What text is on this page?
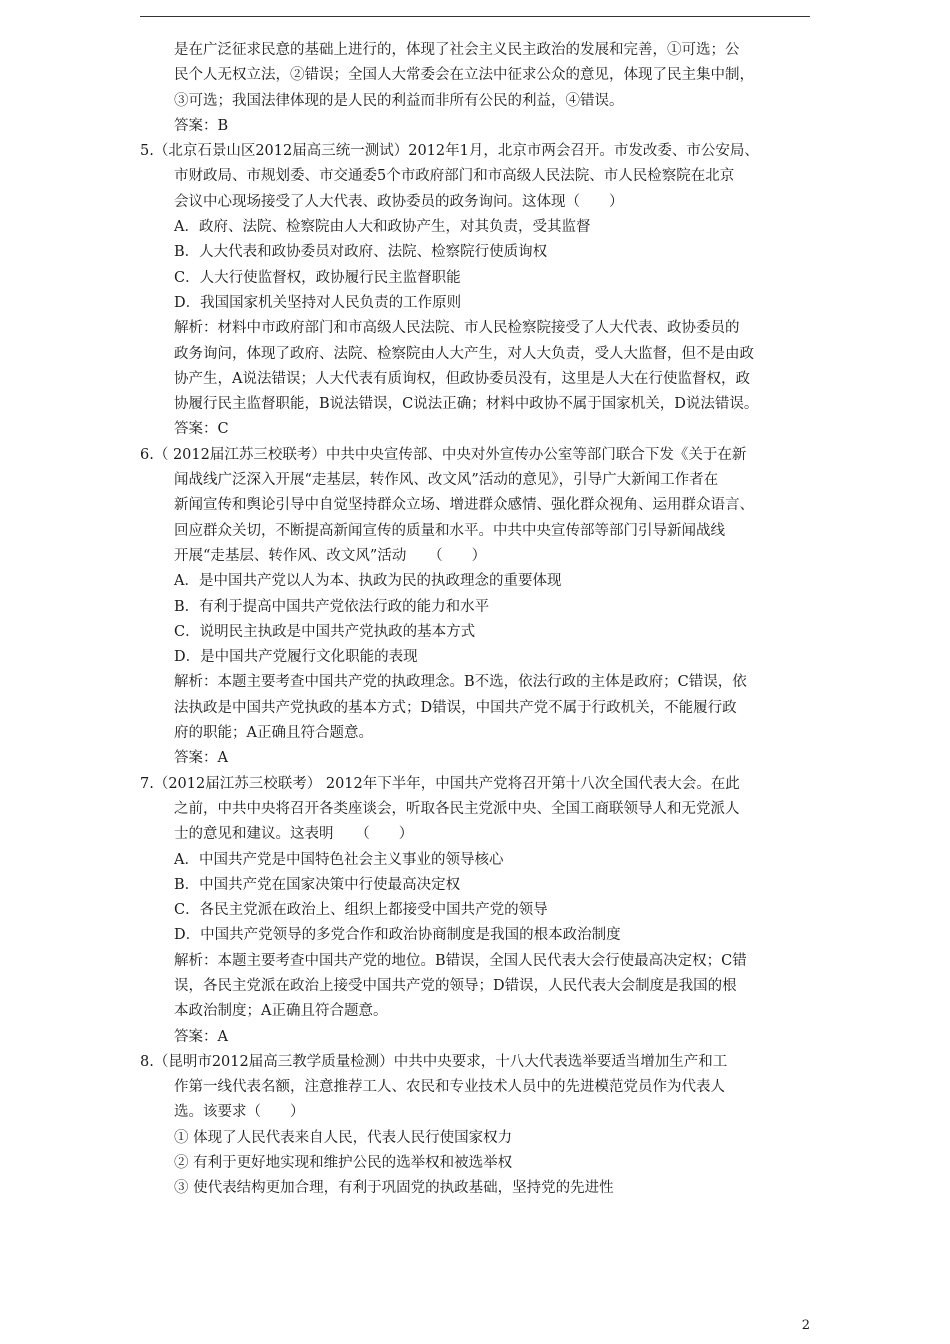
是在广泛征求民意的基础上进行的，体现了社会主义民主政治的发展和完善，①可选；公
民个人无权立法，②错误；全国人大常委会在立法中征求公众的意见，体现了民主集中制，
③可选；我国法律体现的是人民的利益而非所有公民的利益，④错误。
答案：B
5.（北京石景山区2012届高三统一测试）2012年1月，北京市两会召开。市发改委、市公安局、
市财政局、市规划委、市交通委5个市政府部门和市高级人民法院、市人民检察院在北京
会议中心现场接受了人大代表、政协委员的政务询问。这体现（　　）
A．政府、法院、检察院由人大和政协产生，对其负责，受其监督
B．人大代表和政协委员对政府、法院、检察院行使质询权
C．人大行使监督权，政协履行民主监督职能
D．我国国家机关坚持对人民负责的工作原则
解析：材料中市政府部门和市高级人民法院、市人民检察院接受了人大代表、政协委员的
政务询问，体现了政府、法院、检察院由人大产生，对人大负责，受人大监督，但不是由政
协产生，A说法错误；人大代表有质询权，但政协委员没有，这里是人大在行使监督权，政
协履行民主监督职能，B说法错误，C说法正确；材料中政协不属于国家机关，D说法错误。
答案：C
6.（ 2012届江苏三校联考）中共中央宣传部、中央对外宣传办公室等部门联合下发《关于在新
闻战线广泛深入开展“走基层，转作风、改文风”活动的意见》，引导广大新闻工作者在
新闻宣传和舆论引导中自觉坚持群众立场、增进群众感情、强化群众视角、运用群众语言、
回应群众关切，不断提高新闻宣传的质量和水平。中共中央宣传部等部门引导新闻战线
开展“走基层、转作风、改文风”活动　　（　　）
A．是中国共产党以人为本、执政为民的执政理念的重要体现
B．有利于提高中国共产党依法行政的能力和水平
C．说明民主执政是中国共产党执政的基本方式
D．是中国共产党履行文化职能的表现
解析：本题主要考查中国共产党的执政理念。B不选，依法行政的主体是政府；C错误，依
法执政是中国共产党执政的基本方式；D错误，中国共产党不属于行政机关，不能履行政
府的职能；A正确且符合题意。
答案：A
7.（2012届江苏三校联考） 2012年下半年，中国共产党将召开第十八次全国代表大会。在此
之前，中共中央将召开各类座谈会，听取各民主党派中央、全国工商联领导人和无党派人
士的意见和建议。这表明　　（　　）
A．中国共产党是中国特色社会主义事业的领导核心
B．中国共产党在国家决策中行使最高决定权
C．各民主党派在政治上、组织上都接受中国共产党的领导
D．中国共产党领导的多党合作和政治协商制度是我国的根本政治制度
解析：本题主要考查中国共产党的地位。B错误，全国人民代表大会行使最高决定权；C错
误，各民主党派在政治上接受中国共产党的领导；D错误，人民代表大会制度是我国的根
本政治制度；A正确且符合题意。
答案：A
8.（昆明市2012届高三教学质量检测）中共中央要求，十八大代表选举要适当增加生产和工
作第一线代表名额，注意推荐工人、农民和专业技术人员中的先进模范党员作为代表人
选。该要求（　　）
① 体现了人民代表来自人民，代表人民行使国家权力
② 有利于更好地实现和维护公民的选举权和被选举权
③ 使代表结构更加合理，有利于巩固党的执政基础，坚持党的先进性
2
